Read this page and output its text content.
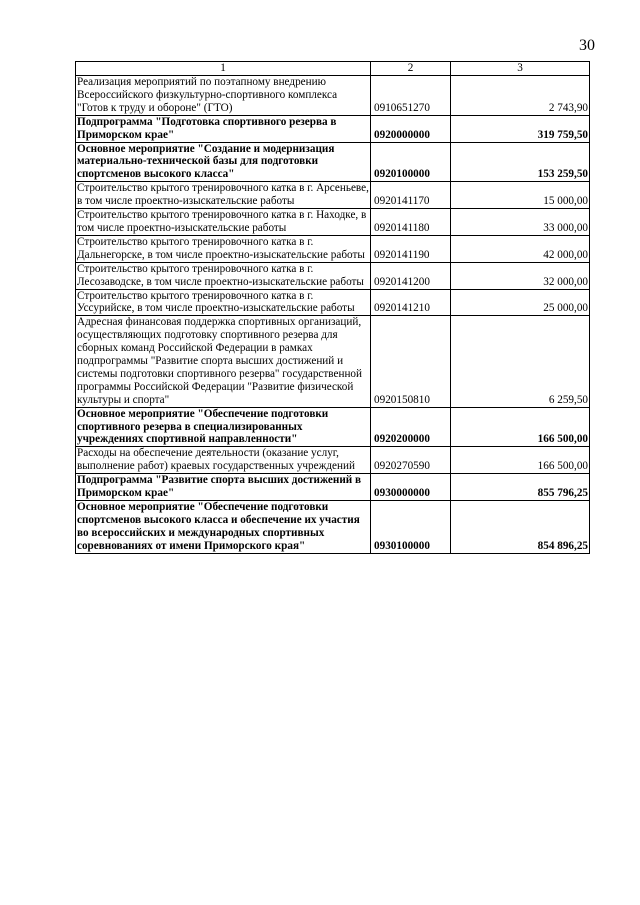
30
1	2	3
Реализация мероприятий по поэтапному внедрению Всероссийского физкультурно-спортивного комплекса "Готов к труду и обороне" (ГТО)	0910651270	2 743,90
Подпрограмма "Подготовка спортивного резерва в Приморском крае"	0920000000	319 759,50
Основное мероприятие "Создание и модернизация материально-технической базы для подготовки спортсменов высокого класса"	0920100000	153 259,50
Строительство крытого тренировочного катка в г. Арсеньеве, в том числе проектно-изыскательские работы	0920141170	15 000,00
Строительство крытого тренировочного катка в г. Находке, в том числе проектно-изыскательские работы	0920141180	33 000,00
Строительство крытого тренировочного катка в г. Дальнегорске, в том числе проектно-изыскательские работы	0920141190	42 000,00
Строительство крытого тренировочного катка в г. Лесозаводске, в том числе проектно-изыскательские работы	0920141200	32 000,00
Строительство крытого тренировочного катка в г. Уссурийске, в том числе проектно-изыскательские работы	0920141210	25 000,00
Адресная финансовая поддержка спортивных организаций, осуществляющих подготовку спортивного резерва для сборных команд Российской Федерации в рамках подпрограммы "Развитие спорта высших достижений и системы подготовки спортивного резерва" государственной программы Российской Федерации "Развитие физической культуры и спорта"	0920150810	6 259,50
Основное мероприятие "Обеспечение подготовки спортивного резерва в специализированных учреждениях спортивной направленности"	0920200000	166 500,00
Расходы на обеспечение деятельности (оказание услуг, выполнение работ) краевых государственных учреждений	0920270590	166 500,00
Подпрограмма "Развитие спорта высших достижений в Приморском крае"	0930000000	855 796,25
Основное мероприятие "Обеспечение подготовки спортсменов высокого класса и обеспечение их участия во всероссийских и международных спортивных соревнованиях от имени Приморского края"	0930100000	854 896,25
